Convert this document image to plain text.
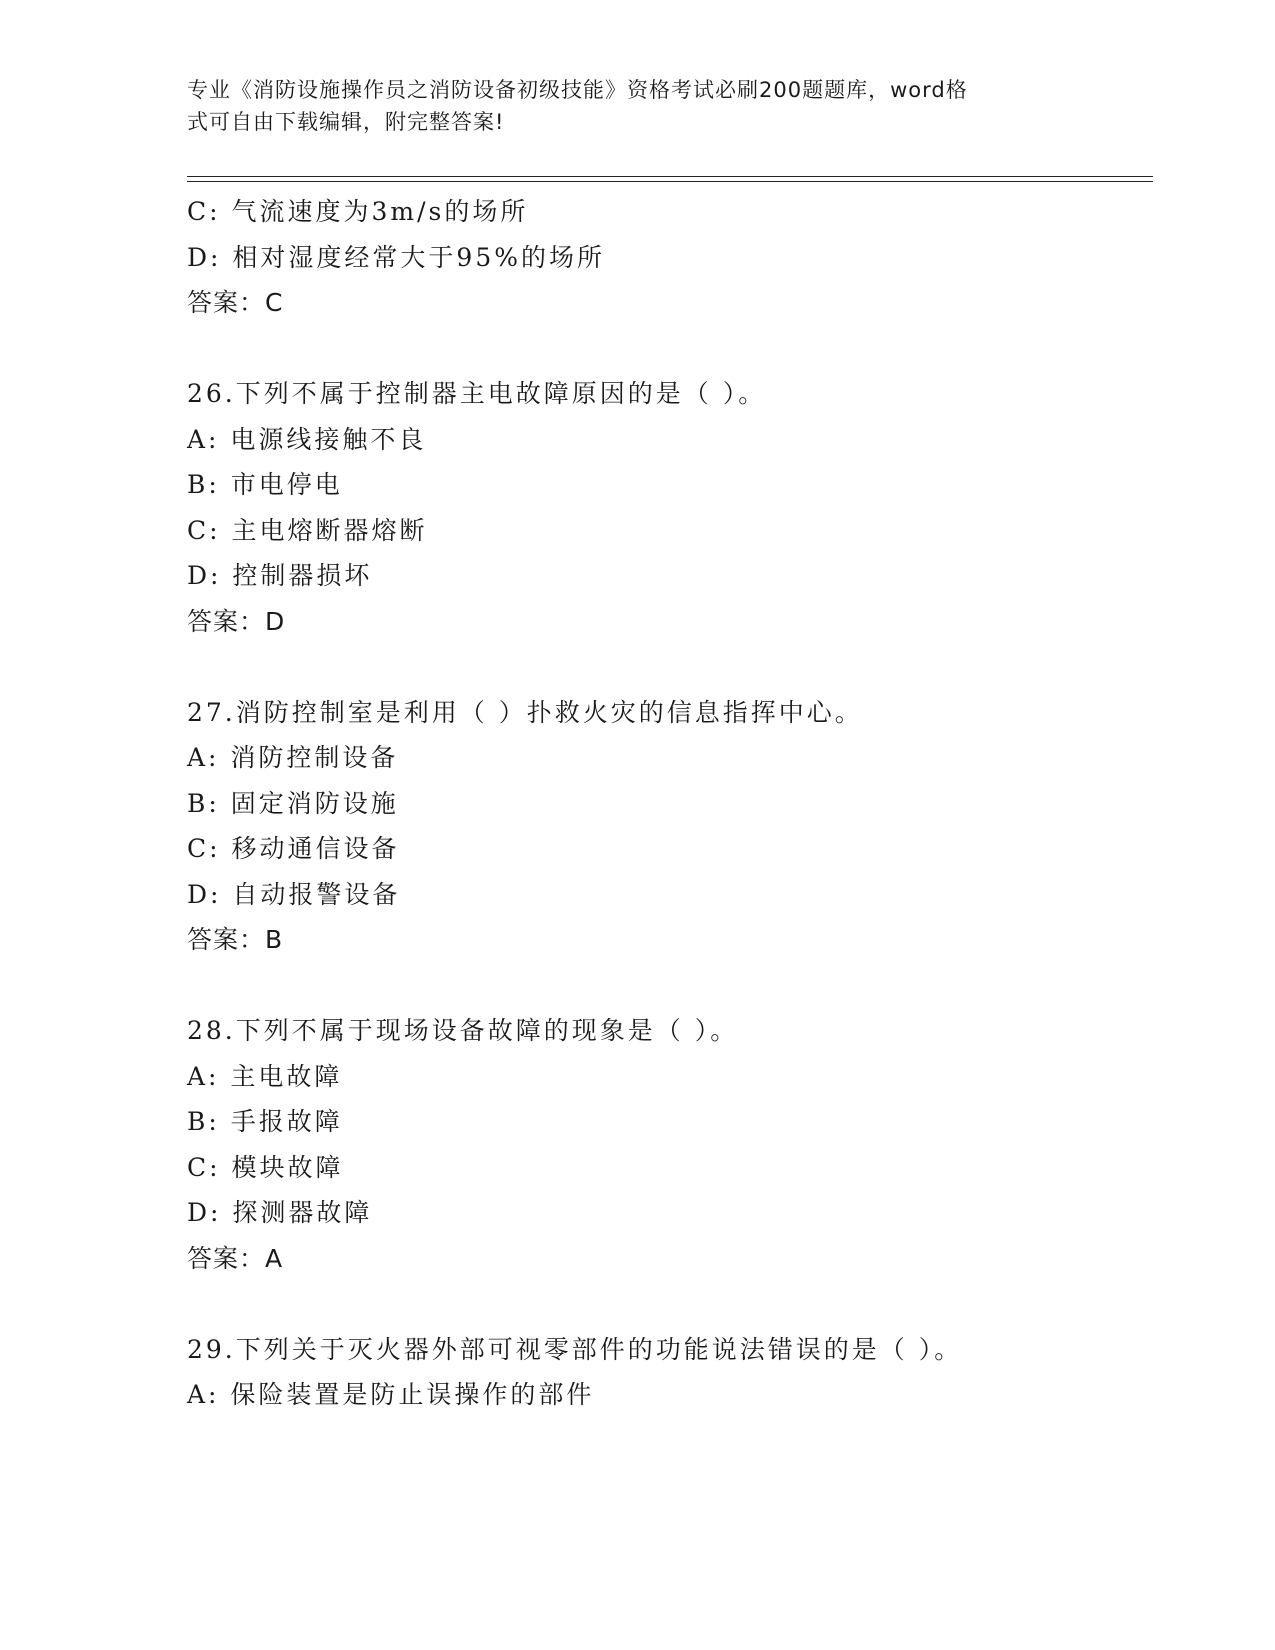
专业《消防设施操作员之消防设备初级技能》资格考试必刷200题题库，word格
式可自由下载编辑，附完整答案!
C: 气流速度为3m/s的场所
D: 相对湿度经常大于95%的场所
答案：C
26.下列不属于控制器主电故障原因的是（ ）。
A: 电源线接触不良
B: 市电停电
C: 主电熔断器熔断
D: 控制器损坏
答案：D
27.消防控制室是利用（ ）扑救火灾的信息指挥中心。
A: 消防控制设备
B: 固定消防设施
C: 移动通信设备
D: 自动报警设备
答案：B
28.下列不属于现场设备故障的现象是（ ）。
A: 主电故障
B: 手报故障
C: 模块故障
D: 探测器故障
答案：A
29.下列关于灭火器外部可视零部件的功能说法错误的是（ ）。
A: 保险装置是防止误操作的部件
